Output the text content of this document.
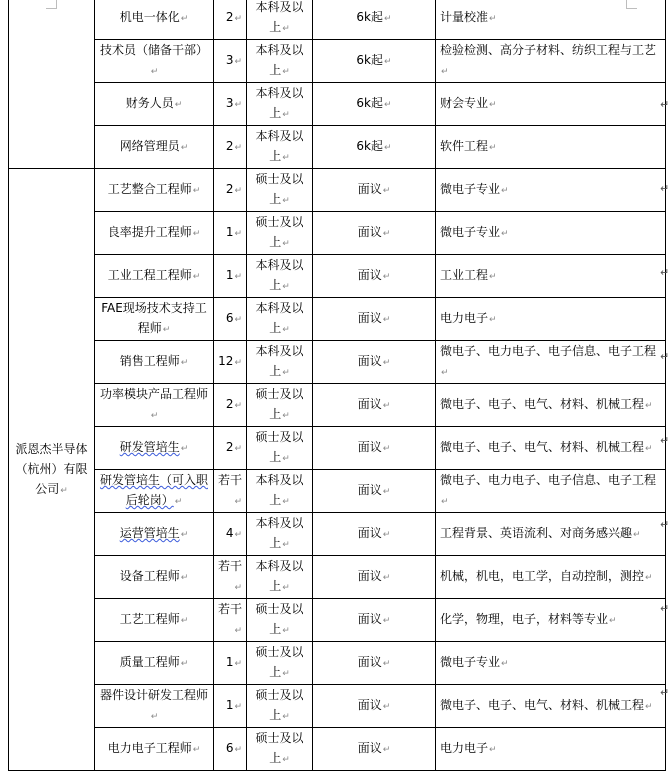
	机电一体化↵	2↵	本科及以上↵	6k起↵	计量校准↵
	技术员（储备干部）↵	3↵	本科及以上↵	6k起↵	检验检测、高分子材料、纺织工程与工艺↵
	财务人员↵	3↵	本科及以上↵	6k起↵	财会专业↵
	网络管理员↵	2↵	本科及以上↵	6k起↵	软件工程↵
派恩杰半导体（杭州）有限公司↵	工艺整合工程师↵	2↵	硕士及以上↵	面议↵	微电子专业↵
	良率提升工程师↵	1↵	硕士及以上↵	面议↵	微电子专业↵
	工业工程工程师↵	1↵	本科及以上↵	面议↵	工业工程↵
	FAE现场技术支持工程师↵	6↵	本科及以上↵	面议↵	电力电子↵
	销售工程师↵	12↵	本科及以上↵	面议↵	微电子、电力电子、电子信息、电子工程↵
	功率模块产品工程师↵	2↵	硕士及以上↵	面议↵	微电子、电子、电气、材料、机械工程↵
	研发管培生↵	2↵	硕士及以上↵	面议↵	微电子、电子、电气、材料、机械工程↵
	研发管培生（可入职后轮岗）↵	若干↵	本科及以上↵	面议↵	微电子、电力电子、电子信息、电子工程↵
	运营管培生↵	4↵	本科及以上↵	面议↵	工程背景、英语流利、对商务感兴趣↵
	设备工程师↵	若干↵	本科及以上↵	面议↵	机械，机电，电工学，自动控制，测控↵
	工艺工程师↵	若干↵	硕士及以上↵	面议↵	化学，物理，电子，材料等专业↵
	质量工程师↵	1↵	硕士及以上↵	面议↵	微电子专业↵
	器件设计研发工程师↵	1↵	硕士及以上↵	面议↵	微电子、电子、电气、材料、机械工程↵
	电力电子工程师↵	6↵	硕士及以上↵	面议↵	电力电子↵
↵
↵
↵
↵
↵
↵
↵
↵
